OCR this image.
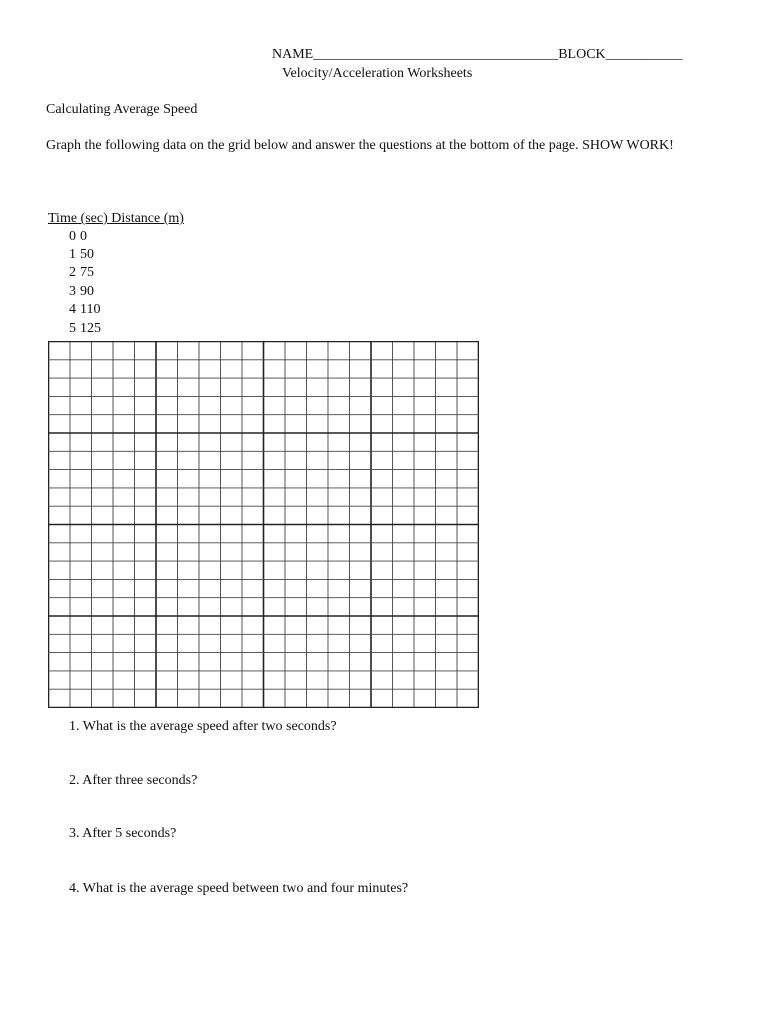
NAME___________________________________BLOCK___________
Velocity/Acceleration Worksheets
Calculating Average Speed
Graph the following data on the grid below and answer the questions at the bottom of the page. SHOW WORK!
Time (sec) Distance (m)
0 0
1 50
2 75
3 90
4 110
5 125
1. What is the average speed after two seconds?
2. After three seconds?
3. After 5 seconds?
4. What is the average speed between two and four minutes?
